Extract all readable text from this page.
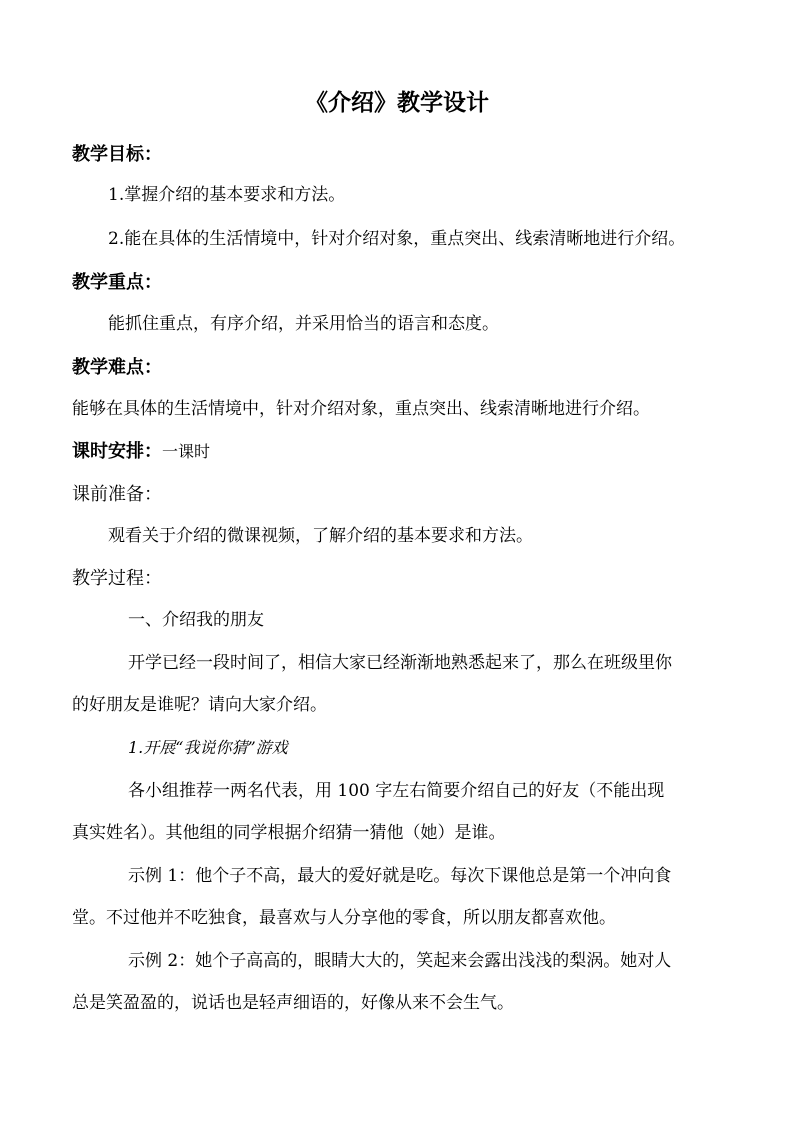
《介绍》教学设计
教学目标：
1.掌握介绍的基本要求和方法。
2.能在具体的生活情境中，针对介绍对象，重点突出、线索清晰地进行介绍。
教学重点：
能抓住重点，有序介绍，并采用恰当的语言和态度。
教学难点：
能够在具体的生活情境中，针对介绍对象，重点突出、线索清晰地进行介绍。
课时安排：一课时
课前准备：
观看关于介绍的微课视频，了解介绍的基本要求和方法。
教学过程：
一、介绍我的朋友
开学已经一段时间了，相信大家已经渐渐地熟悉起来了，那么在班级里你
的好朋友是谁呢？请向大家介绍。
1.开展“我说你猜”游戏
各小组推荐一两名代表，用 100 字左右简要介绍自己的好友（不能出现
真实姓名）。其他组的同学根据介绍猜一猜他（她）是谁。
示例 1：他个子不高，最大的爱好就是吃。每次下课他总是第一个冲向食
堂。不过他并不吃独食，最喜欢与人分享他的零食，所以朋友都喜欢他。
示例 2：她个子高高的，眼睛大大的，笑起来会露出浅浅的梨涡。她对人
总是笑盈盈的，说话也是轻声细语的，好像从来不会生气。
